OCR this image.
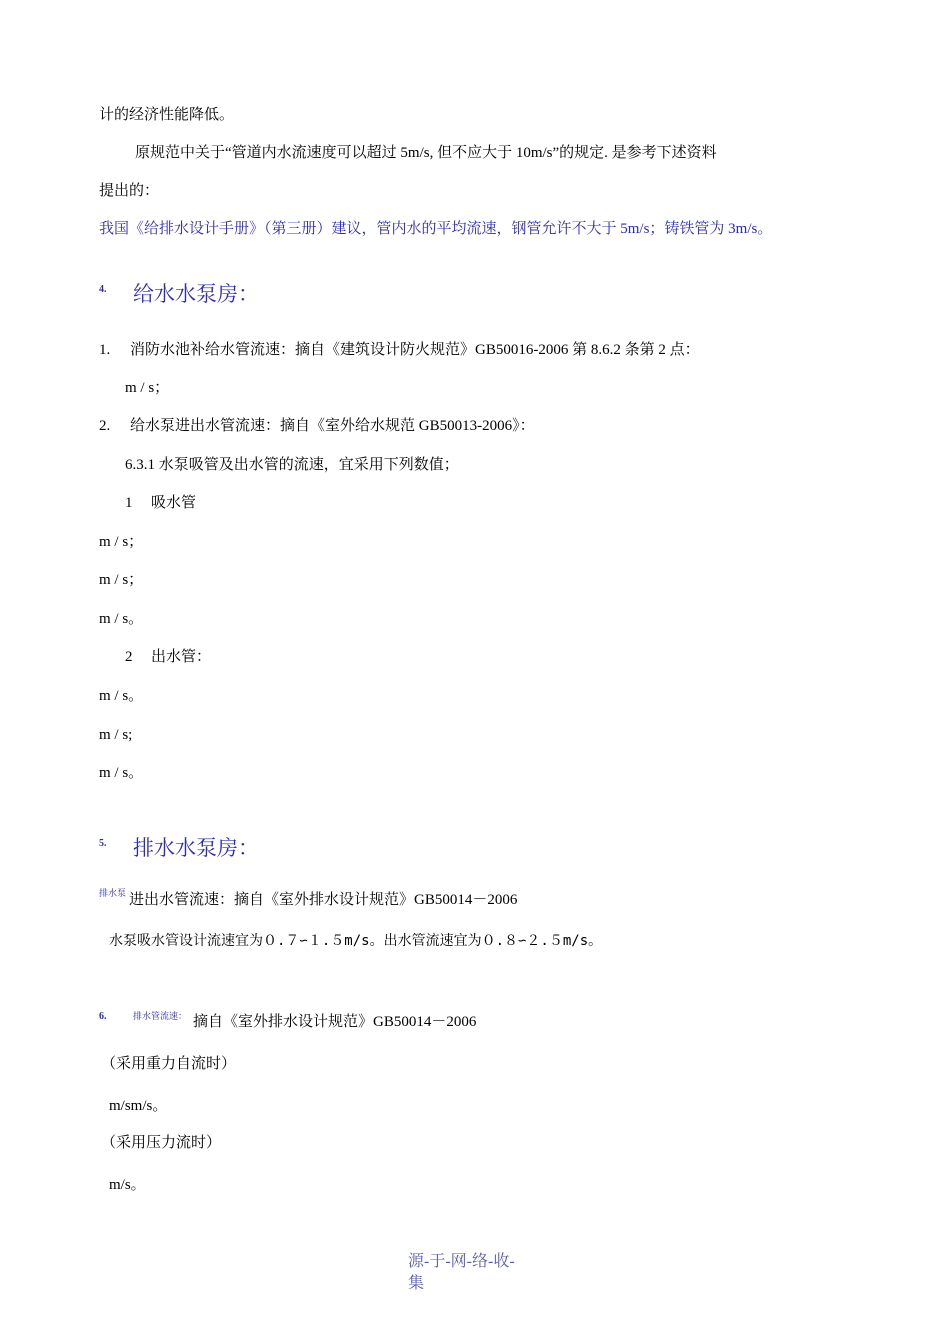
计的经济性能降低。
原规范中关于“管道内水流速度可以超过 5m/s, 但不应大于 10m/s”的规定. 是参考下述资料
提出的：
我国《给排水设计手册》（第三册）建议，管内水的平均流速，钢管允许不大于 5m/s；铸铁管为 3m/s。
4. 给水水泵房：
1. 消防水池补给水管流速：摘自《建筑设计防火规范》GB50016-2006 第 8.6.2 条第 2 点：
m / s；
2. 给水泵进出水管流速：摘自《室外给水规范 GB50013-2006》：
6.3.1 水泵吸管及出水管的流速，宜采用下列数值；
1 吸水管
m / s；
m / s；
m / s。
2 出水管：
m / s。
m / s;
m / s。
5. 排水水泵房：
排水泵 进出水管流速：摘自《室外排水设计规范》GB50014－2006
水泵吸水管设计流速宜为０.７∽１.５m/s。出水管流速宜为０.８∽２.５m/s。
6.	排水管流速： 摘自《室外排水设计规范》GB50014－2006
（采用重力自流时）
m/sm/s。
（采用压力流时）
m/s。
源-于-网-络-收-
集
